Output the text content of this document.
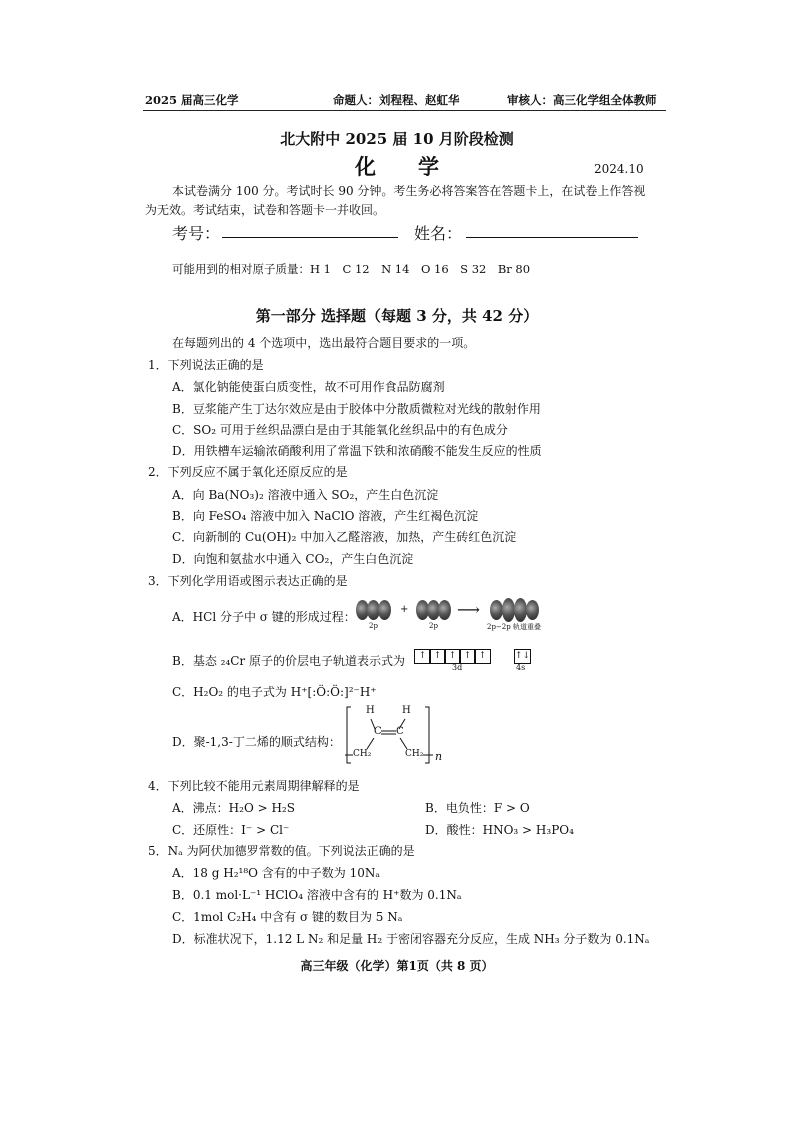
2025 届高三化学	命题人：刘程程、赵虹华	审核人：高三化学组全体教师
北大附中 2025 届 10 月阶段检测
化　　学	2024.10
本试卷满分 100 分。考试时长 90 分钟。考生务必将答案答在答题卡上，在试卷上作答视
为无效。考试结束，试卷和答题卡一并收回。
考号：	姓名：
可能用到的相对原子质量：H 1　C 12　N 14　O 16　S 32　Br 80
第一部分 选择题（每题 3 分，共 42 分）
在每题列出的 4 个选项中，选出最符合题目要求的一项。
1．下列说法正确的是
A．氯化钠能使蛋白质变性，故不可用作食品防腐剂
B．豆浆能产生丁达尔效应是由于胶体中分散质微粒对光线的散射作用
C．SO₂ 可用于丝织品漂白是由于其能氧化丝织品中的有色成分
D．用铁槽车运输浓硝酸利用了常温下铁和浓硝酸不能发生反应的性质
2．下列反应不属于氧化还原反应的是
A．向 Ba(NO₃)₂ 溶液中通入 SO₂，产生白色沉淀
B．向 FeSO₄ 溶液中加入 NaClO 溶液，产生红褐色沉淀
C．向新制的 Cu(OH)₂ 中加入乙醛溶液，加热，产生砖红色沉淀
D．向饱和氨盐水中通入 CO₂，产生白色沉淀
3．下列化学用语或图示表达正确的是
A．HCl 分子中 σ 键的形成过程：
2p
+
2p
⟶
2p−2p 轨道重叠
B．基态 ₂₄Cr 原子的价层电子轨道表示式为	↑ ↑ ↑ ↑ ↑
3d
↑↓
4s
C．H₂O₂ 的电子式为 H⁺[:Ö:Ö:]²⁻H⁺
D．聚-1,3-丁二烯的顺式结构：
H	H
C C
CH₂	CH₂ n
4．下列比较不能用元素周期律解释的是
A．沸点：H₂O > H₂S	B．电负性：F > O
C．还原性：I⁻ > Cl⁻	D．酸性：HNO₃ > H₃PO₄
5．Nₐ 为阿伏加德罗常数的值。下列说法正确的是
A．18 g H₂¹⁸O 含有的中子数为 10Nₐ
B．0.1 mol·L⁻¹ HClO₄ 溶液中含有的 H⁺数为 0.1Nₐ
C．1mol C₂H₄ 中含有 σ 键的数目为 5 Nₐ
D．标准状况下，1.12 L N₂ 和足量 H₂ 于密闭容器充分反应，生成 NH₃ 分子数为 0.1Nₐ
高三年级（化学）第1页（共 8 页）
